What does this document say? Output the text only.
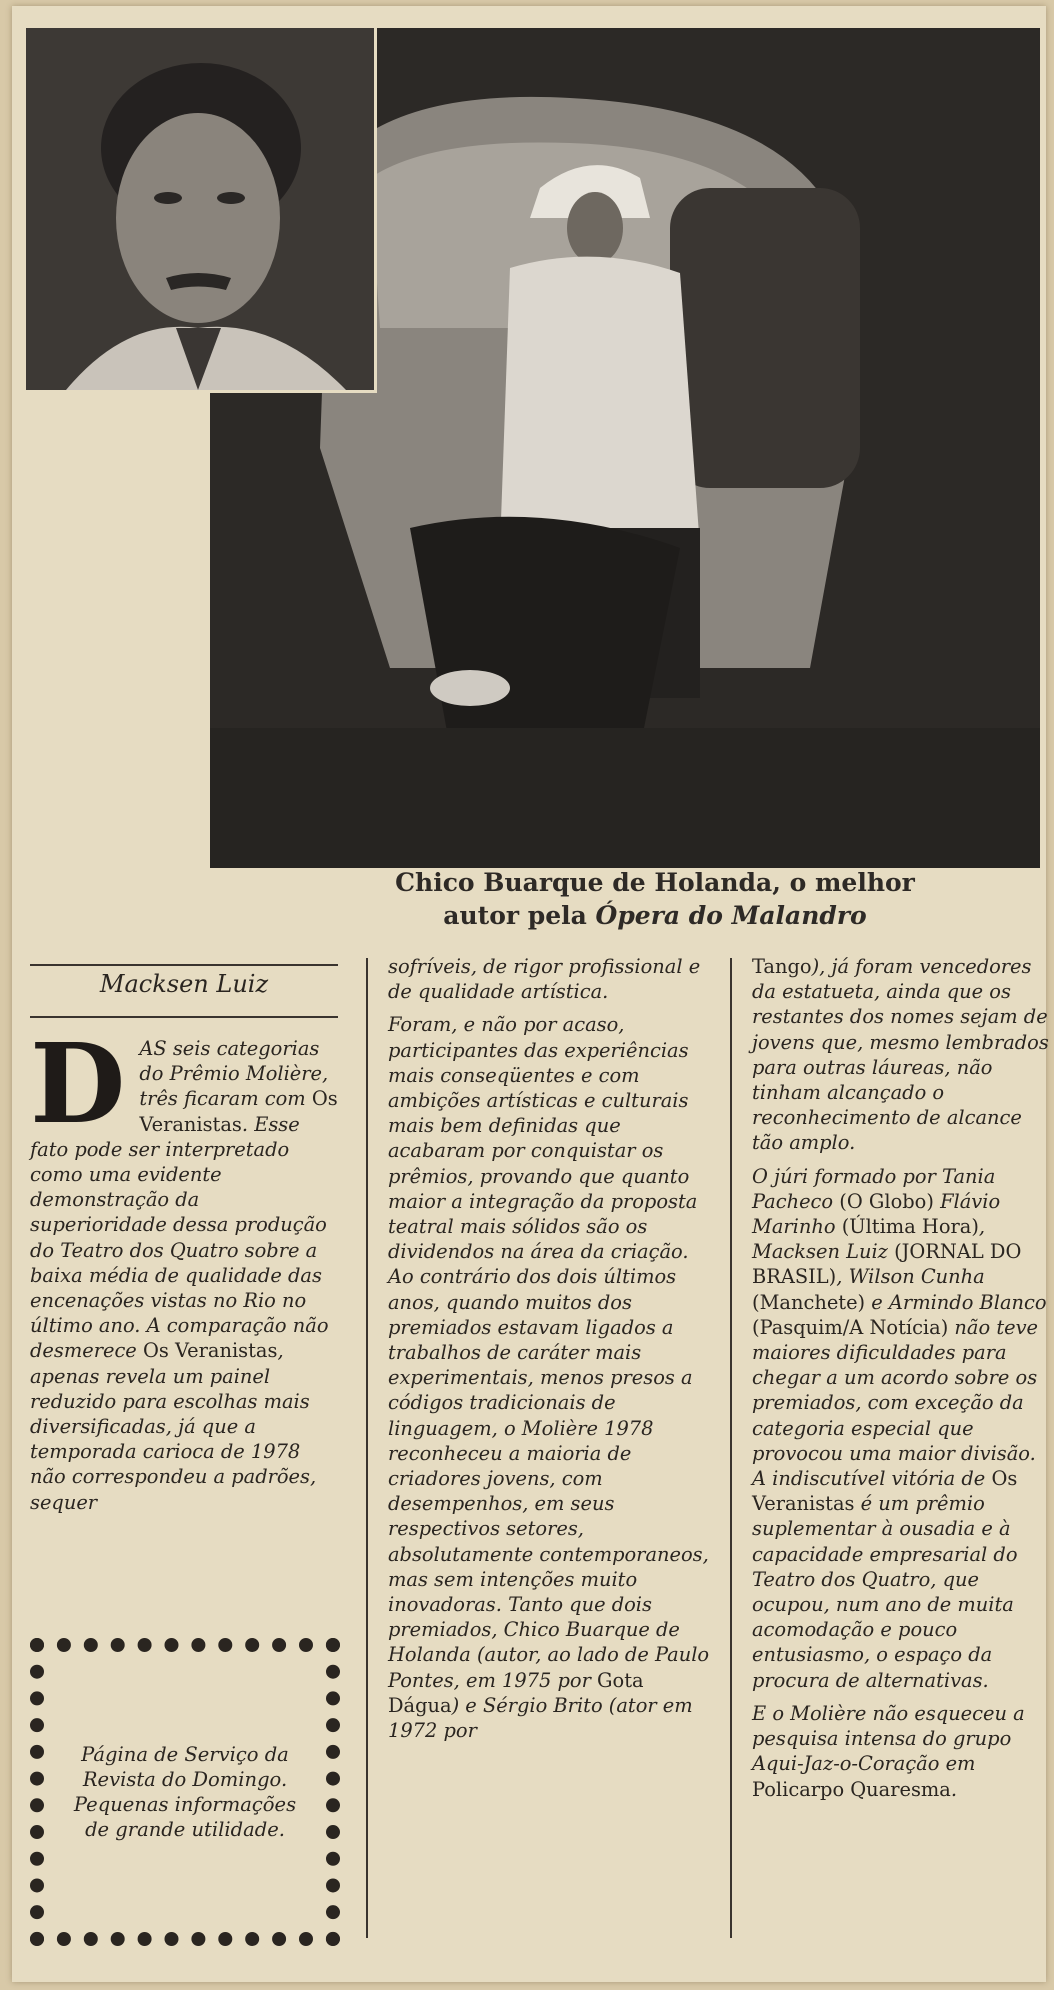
Chico Buarque de Holanda, o melhor
autor pela Ópera do Malandro
Macksen Luiz

DAS seis categorias do Prêmio Molière, três ficaram com Os Veranistas. Esse fato pode ser interpretado como uma evidente demonstração da superioridade dessa produção do Teatro dos Quatro sobre a baixa média de qualidade das encenações vistas no Rio no último ano. A comparação não desmerece Os Veranistas, apenas revela um painel reduzido para escolhas mais diversificadas, já que a temporada carioca de 1978 não correspondeu a padrões, sequer

Página de Serviço da Revista do Domingo. Pequenas informações de grande utilidade.

sofríveis, de rigor profissional e de qualidade artística.

Foram, e não por acaso, participantes das experiências mais conseqüentes e com ambições artísticas e culturais mais bem definidas que acabaram por conquistar os prêmios, provando que quanto maior a integração da proposta teatral mais sólidos são os dividendos na área da criação. Ao contrário dos dois últimos anos, quando muitos dos premiados estavam ligados a trabalhos de caráter mais experimentais, menos presos a códigos tradicionais de linguagem, o Molière 1978 reconheceu a maioria de criadores jovens, com desempenhos, em seus respectivos setores, absolutamente contemporaneos, mas sem intenções muito inovadoras. Tanto que dois premiados, Chico Buarque de Holanda (autor, ao lado de Paulo Pontes, em 1975 por Gota Dágua) e Sérgio Brito (ator em 1972 por

Tango), já foram vencedores da estatueta, ainda que os restantes dos nomes sejam de jovens que, mesmo lembrados para outras láureas, não tinham alcançado o reconhecimento de alcance tão amplo.

O júri formado por Tania Pacheco (O Globo) Flávio Marinho (Última Hora), Macksen Luiz (JORNAL DO BRASIL), Wilson Cunha (Manchete) e Armindo Blanco (Pasquim/A Notícia) não teve maiores dificuldades para chegar a um acordo sobre os premiados, com exceção da categoria especial que provocou uma maior divisão. A indiscutível vitória de Os Veranistas é um prêmio suplementar à ousadia e à capacidade empresarial do Teatro dos Quatro, que ocupou, num ano de muita acomodação e pouco entusiasmo, o espaço da procura de alternativas.

E o Molière não esqueceu a pesquisa intensa do grupo Aqui-Jaz-o-Coração em Policarpo Quaresma.
